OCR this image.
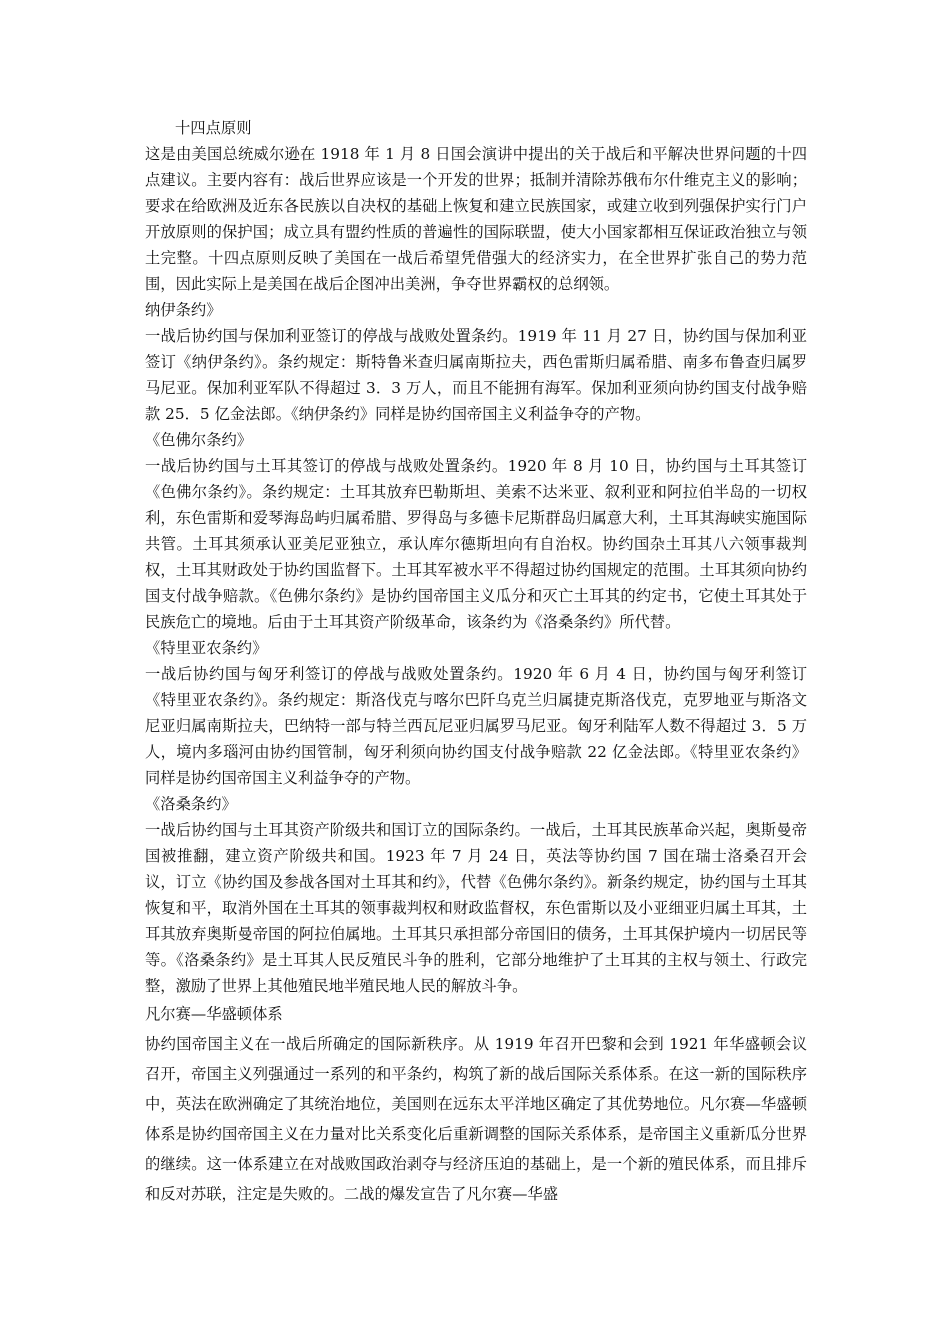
十四点原则

这是由美国总统威尔逊在 1918 年 1 月 8 日国会演讲中提出的关于战后和平解决世界问题的十四点建议。主要内容有：战后世界应该是一个开发的世界；抵制并清除苏俄布尔什维克主义的影响；要求在给欧洲及近东各民族以自决权的基础上恢复和建立民族国家，或建立收到列强保护实行门户开放原则的保护国；成立具有盟约性质的普遍性的国际联盟，使大小国家都相互保证政治独立与领土完整。十四点原则反映了美国在一战后希望凭借强大的经济实力，在全世界扩张自己的势力范围，因此实际上是美国在战后企图冲出美洲，争夺世界霸权的总纲领。

纳伊条约》

一战后协约国与保加利亚签订的停战与战败处置条约。1919 年 11 月 27 日，协约国与保加利亚签订《纳伊条约》。条约规定：斯特鲁米查归属南斯拉夫，西色雷斯归属希腊、南多布鲁查归属罗马尼亚。保加利亚军队不得超过 3．3 万人，而且不能拥有海军。保加利亚须向协约国支付战争赔款 25．5 亿金法郎。《纳伊条约》同样是协约国帝国主义利益争夺的产物。

《色佛尔条约》

一战后协约国与土耳其签订的停战与战败处置条约。1920 年 8 月 10 日，协约国与土耳其签订《色佛尔条约》。条约规定：土耳其放弃巴勒斯坦、美索不达米亚、叙利亚和阿拉伯半岛的一切权利，东色雷斯和爱琴海岛屿归属希腊、罗得岛与多德卡尼斯群岛归属意大利，土耳其海峡实施国际共管。土耳其须承认亚美尼亚独立，承认库尔德斯坦向有自治权。协约国杂土耳其八六领事裁判权，土耳其财政处于协约国监督下。土耳其军被水平不得超过协约国规定的范围。土耳其须向协约国支付战争赔款。《色佛尔条约》是协约国帝国主义瓜分和灭亡土耳其的约定书，它使土耳其处于民族危亡的境地。后由于土耳其资产阶级革命，该条约为《洛桑条约》所代替。

《特里亚农条约》

一战后协约国与匈牙利签订的停战与战败处置条约。1920 年 6 月 4 日，协约国与匈牙利签订《特里亚农条约》。条约规定：斯洛伐克与喀尔巴阡乌克兰归属捷克斯洛伐克，克罗地亚与斯洛文尼亚归属南斯拉夫，巴纳特一部与特兰西瓦尼亚归属罗马尼亚。匈牙利陆军人数不得超过 3．5 万人，境内多瑙河由协约国管制，匈牙利须向协约国支付战争赔款 22 亿金法郎。《特里亚农条约》同样是协约国帝国主义利益争夺的产物。

《洛桑条约》

一战后协约国与土耳其资产阶级共和国订立的国际条约。一战后，土耳其民族革命兴起，奥斯曼帝国被推翻，建立资产阶级共和国。1923 年 7 月 24 日，英法等协约国 7 国在瑞士洛桑召开会议，订立《协约国及参战各国对土耳其和约》，代替《色佛尔条约》。新条约规定，协约国与土耳其恢复和平，取消外国在土耳其的领事裁判权和财政监督权，东色雷斯以及小亚细亚归属土耳其，土耳其放弃奥斯曼帝国的阿拉伯属地。土耳其只承担部分帝国旧的债务，土耳其保护境内一切居民等等。《洛桑条约》是土耳其人民反殖民斗争的胜利，它部分地维护了土耳其的主权与领土、行政完整，激励了世界上其他殖民地半殖民地人民的解放斗争。

凡尔赛—华盛顿体系

协约国帝国主义在一战后所确定的国际新秩序。从 1919 年召开巴黎和会到 1921 年华盛顿会议召开，帝国主义列强通过一系列的和平条约，构筑了新的战后国际关系体系。在这一新的国际秩序中，英法在欧洲确定了其统治地位，美国则在远东太平洋地区确定了其优势地位。凡尔赛—华盛顿体系是协约国帝国主义在力量对比关系变化后重新调整的国际关系体系，是帝国主义重新瓜分世界的继续。这一体系建立在对战败国政治剥夺与经济压迫的基础上，是一个新的殖民体系，而且排斥和反对苏联，注定是失败的。二战的爆发宣告了凡尔赛—华盛
